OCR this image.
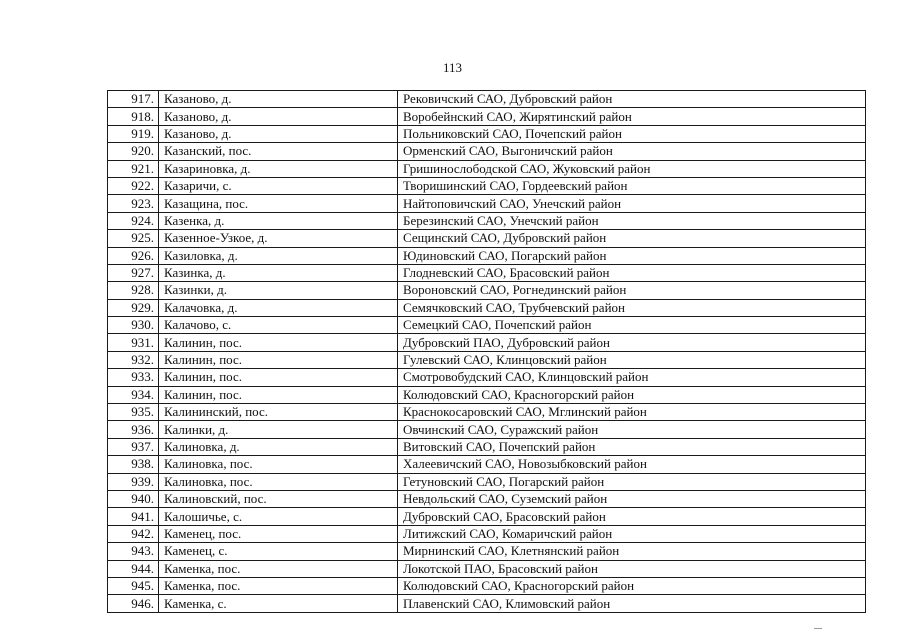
113
917.	Казаново, д.	Рековичский САО, Дубровский район
918.	Казаново, д.	Воробейнский САО, Жирятинский район
919.	Казаново, д.	Польниковский САО, Почепский район
920.	Казанский, пос.	Орменский САО, Выгоничский район
921.	Казариновка, д.	Гришинослободской САО, Жуковский район
922.	Казаричи, с.	Творишинский САО, Гордеевский район
923.	Казащина, пос.	Найтоповичский САО, Унечский район
924.	Казенка, д.	Березинский САО, Унечский район
925.	Казенное-Узкое, д.	Сещинский САО, Дубровский район
926.	Казиловка, д.	Юдиновский САО, Погарский район
927.	Казинка, д.	Глодневский САО, Брасовский район
928.	Казинки, д.	Вороновский САО, Рогнединский район
929.	Калачовка, д.	Семячковский САО, Трубчевский район
930.	Калачово, с.	Семецкий САО, Почепский район
931.	Калинин, пос.	Дубровский ПАО, Дубровский район
932.	Калинин, пос.	Гулевский САО, Клинцовский район
933.	Калинин, пос.	Смотровобудский САО, Клинцовский район
934.	Калинин, пос.	Колюдовский САО, Красногорский район
935.	Калининский, пос.	Краснокосаровский САО, Мглинский район
936.	Калинки, д.	Овчинский САО, Суражский район
937.	Калиновка, д.	Витовский САО, Почепский район
938.	Калиновка, пос.	Халеевичский САО, Новозыбковский район
939.	Калиновка, пос.	Гетуновский САО, Погарский район
940.	Калиновский, пос.	Невдольский САО, Суземский район
941.	Калошичье, с.	Дубровский САО, Брасовский район
942.	Каменец, пос.	Литижский САО, Комаричский район
943.	Каменец, с.	Мирнинский САО, Клетнянский район
944.	Каменка, пос.	Локотской ПАО, Брасовский район
945.	Каменка, пос.	Колюдовский САО, Красногорский район
946.	Каменка, с.	Плавенский САО, Климовский район
